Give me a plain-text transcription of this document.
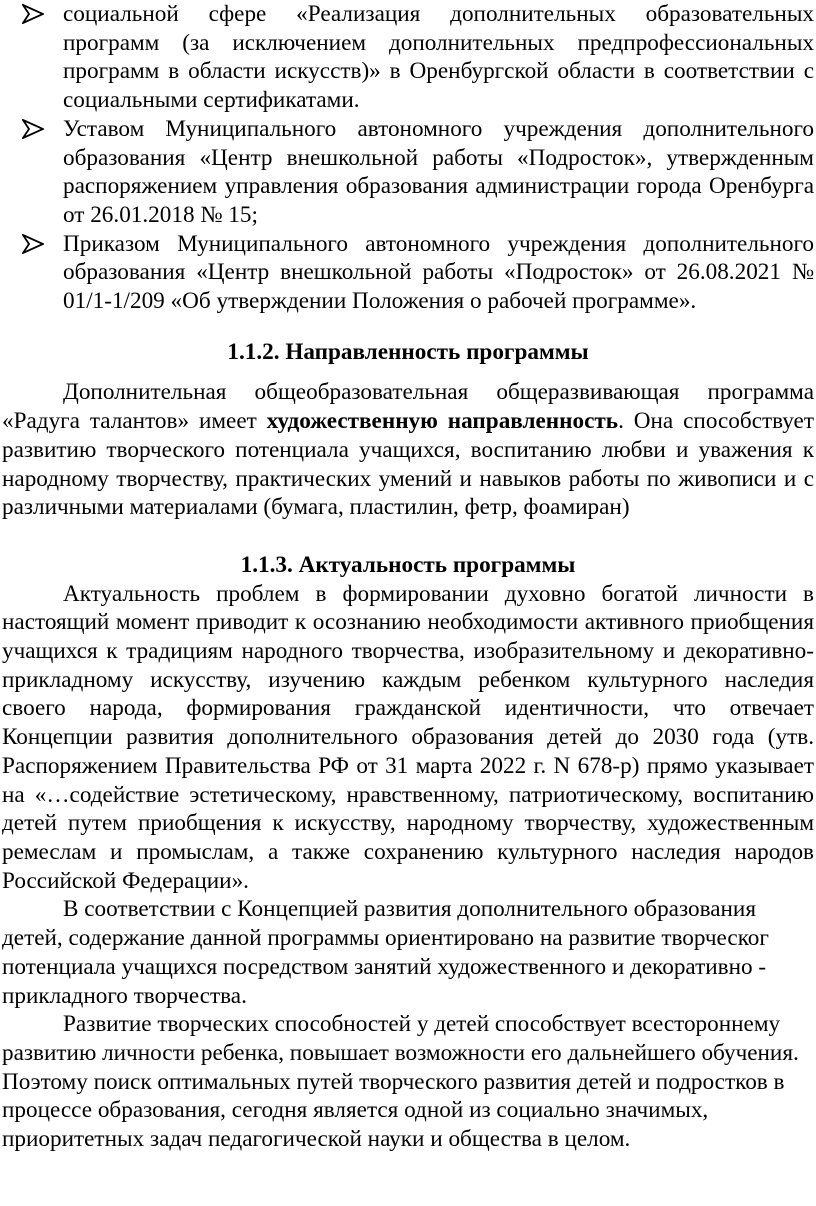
социальной сфере «Реализация дополнительных образовательных программ (за исключением дополнительных предпрофессиональных программ в области искусств)» в Оренбургской области в соответствии с социальными сертификатами.
Уставом Муниципального автономного учреждения дополнительного образования «Центр внешкольной работы «Подросток», утвержденным распоряжением управления образования администрации города Оренбурга от 26.01.2018 № 15;
Приказом Муниципального автономного учреждения дополнительного образования «Центр внешкольной работы «Подросток» от 26.08.2021 № 01/1-1/209 «Об утверждении Положения о рабочей программе».

1.1.2. Направленность программы

Дополнительная общеобразовательная общеразвивающая программа «Радуга талантов» имеет художественную направленность. Она способствует развитию творческого потенциала учащихся, воспитанию любви и уважения к народному творчеству, практических умений и навыков работы по живописи и с различными материалами (бумага, пластилин, фетр, фоамиран)

1.1.3. Актуальность программы

Актуальность проблем в формировании духовно богатой личности в настоящий момент приводит к осознанию необходимости активного приобщения учащихся к традициям народного творчества, изобразительному и декоративно-прикладному искусству, изучению каждым ребенком культурного наследия своего народа, формирования гражданской идентичности, что отвечает Концепции развития дополнительного образования детей до 2030 года (утв. Распоряжением Правительства РФ от 31 марта 2022 г. N 678-р) прямо указывает на «…содействие эстетическому, нравственному, патриотическому, воспитанию детей путем приобщения к искусству, народному творчеству, художественным ремеслам и промыслам, а также сохранению культурного наследия народов Российской Федерации».

В соответствии с Концепцией развития дополнительного образования детей, содержание данной программы ориентировано на развитие творческог потенциала учащихся посредством занятий художественного и декоративно - прикладного творчества.

Развитие творческих способностей у детей способствует всестороннему развитию личности ребенка, повышает возможности его дальнейшего обучения. Поэтому поиск оптимальных путей творческого развития детей и подростков в процессе образования, сегодня является одной из социально значимых, приоритетных задач педагогической науки и общества в целом.
